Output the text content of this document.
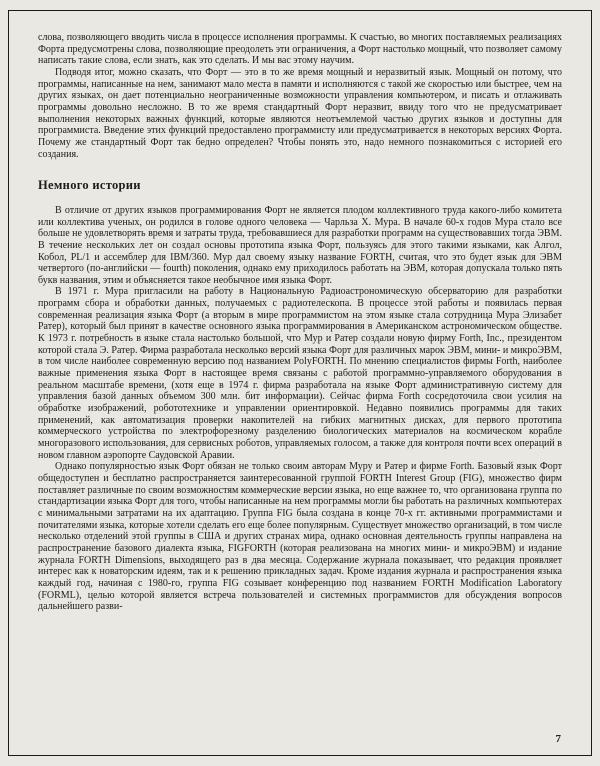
слова, позволяющего вводить числа в процессе исполнения программы. К счастью, во многих поставляемых реализациях Форта предусмотрены слова, позволяющие преодолеть эти ограничения, а Форт настолько мощный, что позволяет самому написать такие слова, если знать, как это сделать. И мы вас этому научим.

Подводя итог, можно сказать, что Форт — это в то же время мощный и неразвитый язык. Мощный он потому, что программы, написанные на нем, занимают мало места в памяти и исполняются с такой же скоростью или быстрее, чем на других языках, он дает потенциально неограниченные возможности управления компьютером, и писать и отлаживать программы довольно несложно. В то же время стандартный Форт неразвит, ввиду того что не предусматривает выполнения некоторых важных функций, которые являются неотъемлемой частью других языков и доступны для программиста. Введение этих функций предоставлено программисту или предусматривается в некоторых версиях Форта. Почему же стандартный Форт так бедно определен? Чтобы понять это, надо немного познакомиться с историей его создания.

Немного истории

В отличие от других языков программирования Форт не является плодом коллективного труда какого-либо комитета или коллектива ученых, он родился в голове одного человека — Чарльза Х. Мура. В начале 60-х годов Мура стало все больше не удовлетворять время и затраты труда, требовавшиеся для разработки программ на существовавших тогда ЭВМ. В течение нескольких лет он создал основы прототипа языка Форт, пользуясь для этого такими языками, как Алгол, Кобол, PL/1 и ассемблер для IBM/360. Мур дал своему языку название FORTH, считая, что это будет язык для ЭВМ четвертого (по-английски — fourth) поколения, однако ему приходилось работать на ЭВМ, которая допускала только пять букв названия, этим и объясняется такое необычное имя языка Форт.

В 1971 г. Мура пригласили на работу в Национальную Радиоастрономическую обсерваторию для разработки программ сбора и обработки данных, получаемых с радиотелескопа. В процессе этой работы и появилась первая современная реализация языка Форт (а вторым в мире программистом на этом языке стала сотрудница Мура Элизабет Ратер), который был принят в качестве основного языка программирования в Американском астрономическом обществе. К 1973 г. потребность в языке стала настолько большой, что Мур и Ратер создали новую фирму Forth, Inc., президентом которой стала Э. Ратер. Фирма разработала несколько версий языка Форт для различных марок ЭВМ, мини- и микроЭВМ, в том числе наиболее современную версию под названием PolyFORTH. По мнению специалистов фирмы Forth, наиболее важные применения языка Форт в настоящее время связаны с работой программно-управляемого оборудования в реальном масштабе времени, (хотя еще в 1974 г. фирма разработала на языке Форт административную систему для управления базой данных объемом 300 млн. бит информации). Сейчас фирма Forth сосредоточила свои усилия на обработке изображений, робототехнике и управлении ориентировкой. Недавно появились программы для таких применений, как автоматизация проверки накопителей на гибких магнитных дисках, для первого прототипа коммерческого устройства по электрофорезному разделению биологических материалов на космическом корабле многоразового использования, для сервисных роботов, управляемых голосом, а также для контроля почти всех операций в новом главном аэропорте Саудовской Аравии.

Однако популярностью язык Форт обязан не только своим авторам Муру и Ратер и фирме Forth. Базовый язык Форт общедоступен и бесплатно распространяется заинтересованной группой FORTH Interest Group (FIG), множество фирм поставляет различные по своим возможностям коммерческие версии языка, но еще важнее то, что организована группа по стандартизации языка Форт для того, чтобы написанные на нем программы могли бы работать на различных компьютерах с минимальными затратами на их адаптацию. Группа FIG была создана в конце 70-х гг. активными программистами и почитателями языка, которые хотели сделать его еще более популярным. Существует множество организаций, в том числе несколько отделений этой группы в США и других странах мира, однако основная деятельность группы направлена на распространение базового диалекта языка, FIGFORTH (которая реализована на многих мини- и микроЭВМ) и издание журнала FORTH Dimensions, выходящего раз в два месяца. Содержание журнала показывает, что редакция проявляет интерес как к новаторским идеям, так и к решению прикладных задач. Кроме издания журнала и распространения языка каждый год, начиная с 1980-го, группа FIG созывает конференцию под названием FORTH Modification Laboratory (FORML), целью которой является встреча пользователей и системных программистов для обсуждения вопросов дальнейшего разви-

7
